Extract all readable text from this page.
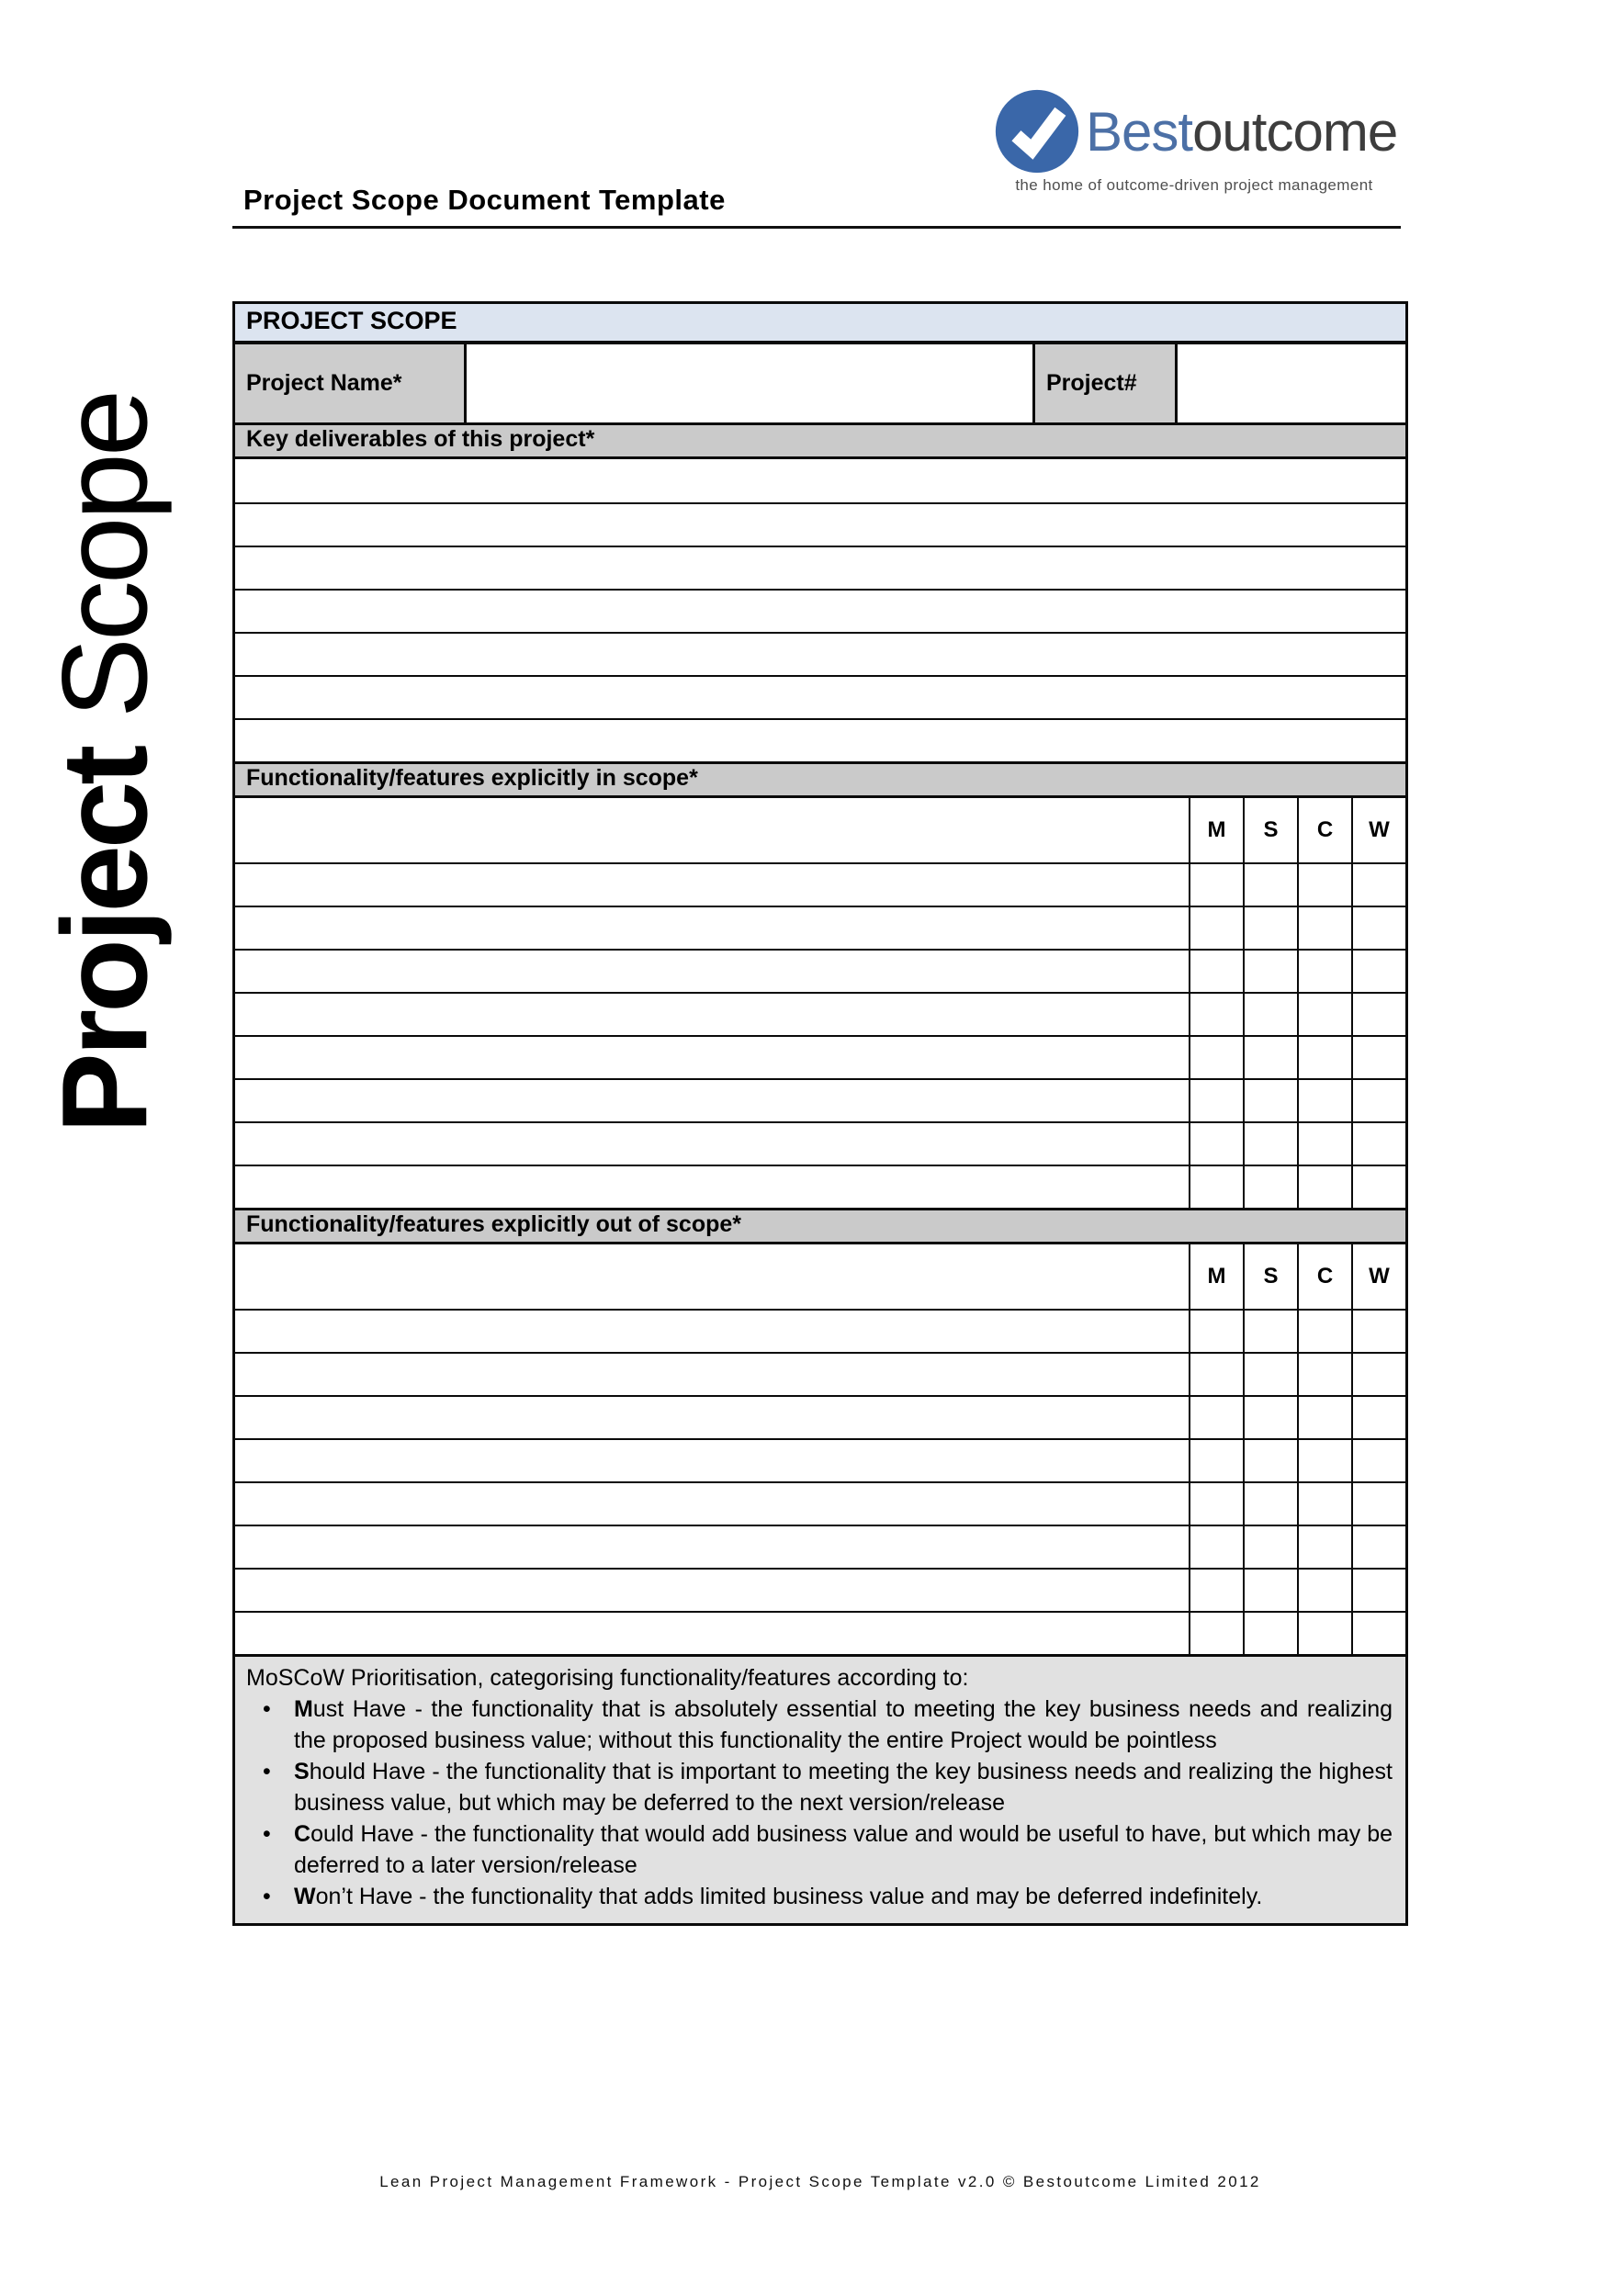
Bestoutcome
the home of outcome-driven project management
Project Scope Document Template
Project Scope
PROJECT SCOPE
Project Name*	Project#
Key deliverables of this project*
Functionality/features explicitly in scope*
M	S	C	W
Functionality/features explicitly out of scope*
M	S	C	W
MoSCoW Prioritisation, categorising functionality/features according to:
•	Must Have - the functionality that is absolutely essential to meeting the key business needs and realizing the proposed business value; without this functionality the entire Project would be pointless
•	Should Have - the functionality that is important to meeting the key business needs and realizing the highest business value, but which may be deferred to the next version/release
•	Could Have - the functionality that would add business value and would be useful to have, but which may be deferred to a later version/release
•	Won’t Have - the functionality that adds limited business value and may be deferred indefinitely.
Lean Project Management Framework - Project Scope Template v2.0 © Bestoutcome Limited 2012
